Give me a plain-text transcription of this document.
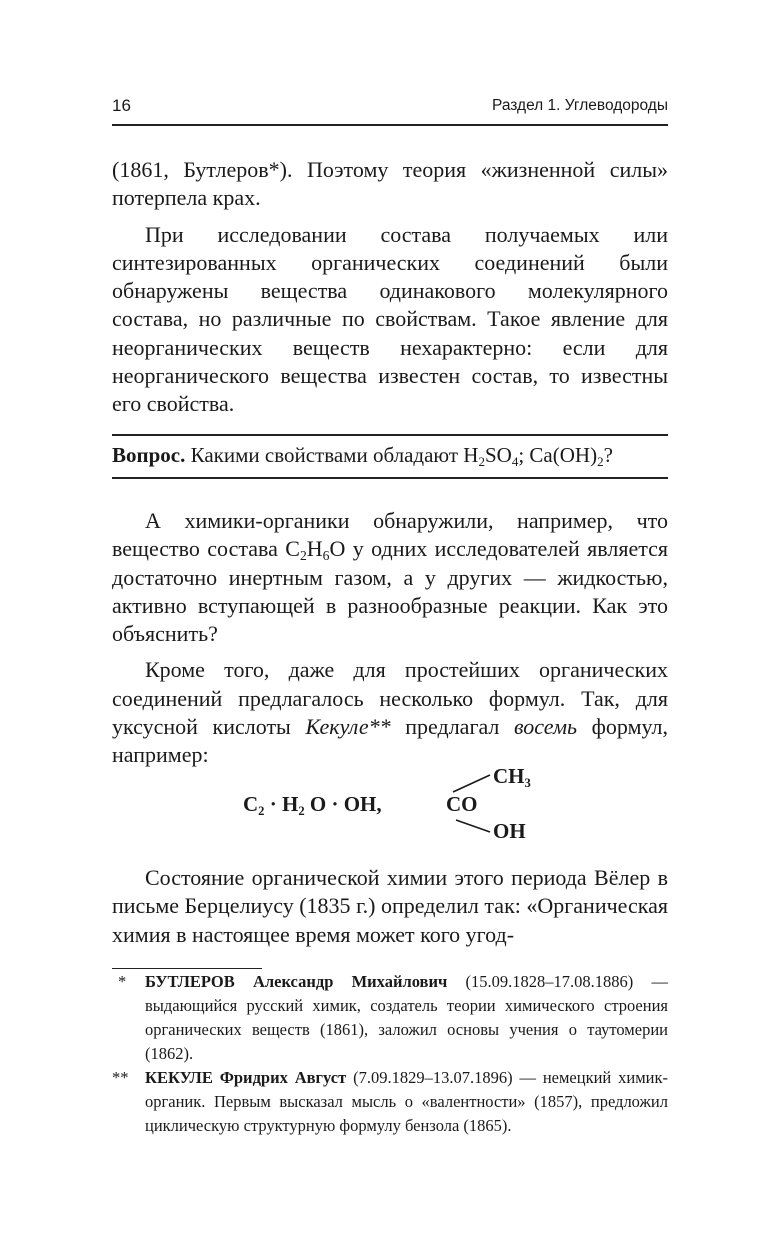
16	Раздел 1. Углеводороды

(1861, Бутлеров*). Поэтому теория «жизненной силы» потерпела крах.

При исследовании состава получаемых или синтезированных органических соединений были обнаружены вещества одинакового молекулярного состава, но различные по свойствам. Такое явление для неорганических веществ нехарактерно: если для неорганического вещества известен состав, то известны его свойства.

Вопрос. Какими свойствами обладают $H_2SO_4$; $Ca(OH)_2$?

А химики-органики обнаружили, например, что вещество состава $C_2H_6O$ у одних исследователей является достаточно инертным газом, а у других — жидкостью, активно вступающей в разнообразные реакции. Как это объяснить?

Кроме того, даже для простейших органических соединений предлагалось несколько формул. Так, для уксусной кислоты Кекуле** предлагал восемь формул, например:

$C_2 \cdot H_2$ O · OH,
$CH_3$
CO
OH

Состояние органической химии этого периода Вёлер в письме Берцелиусу (1835 г.) определил так: «Органическая химия в настоящее время может кого угод-

* БУТЛЕРОВ Александр Михайлович (15.09.1828–17.08.1886) — выдающийся русский химик, создатель теории химического строения органических веществ (1861), заложил основы учения о таутомерии (1862).

** КЕКУЛЕ Фридрих Август (7.09.1829–13.07.1896) — немецкий химик-органик. Первым высказал мысль о «валентности» (1857), предложил циклическую структурную формулу бензола (1865).
